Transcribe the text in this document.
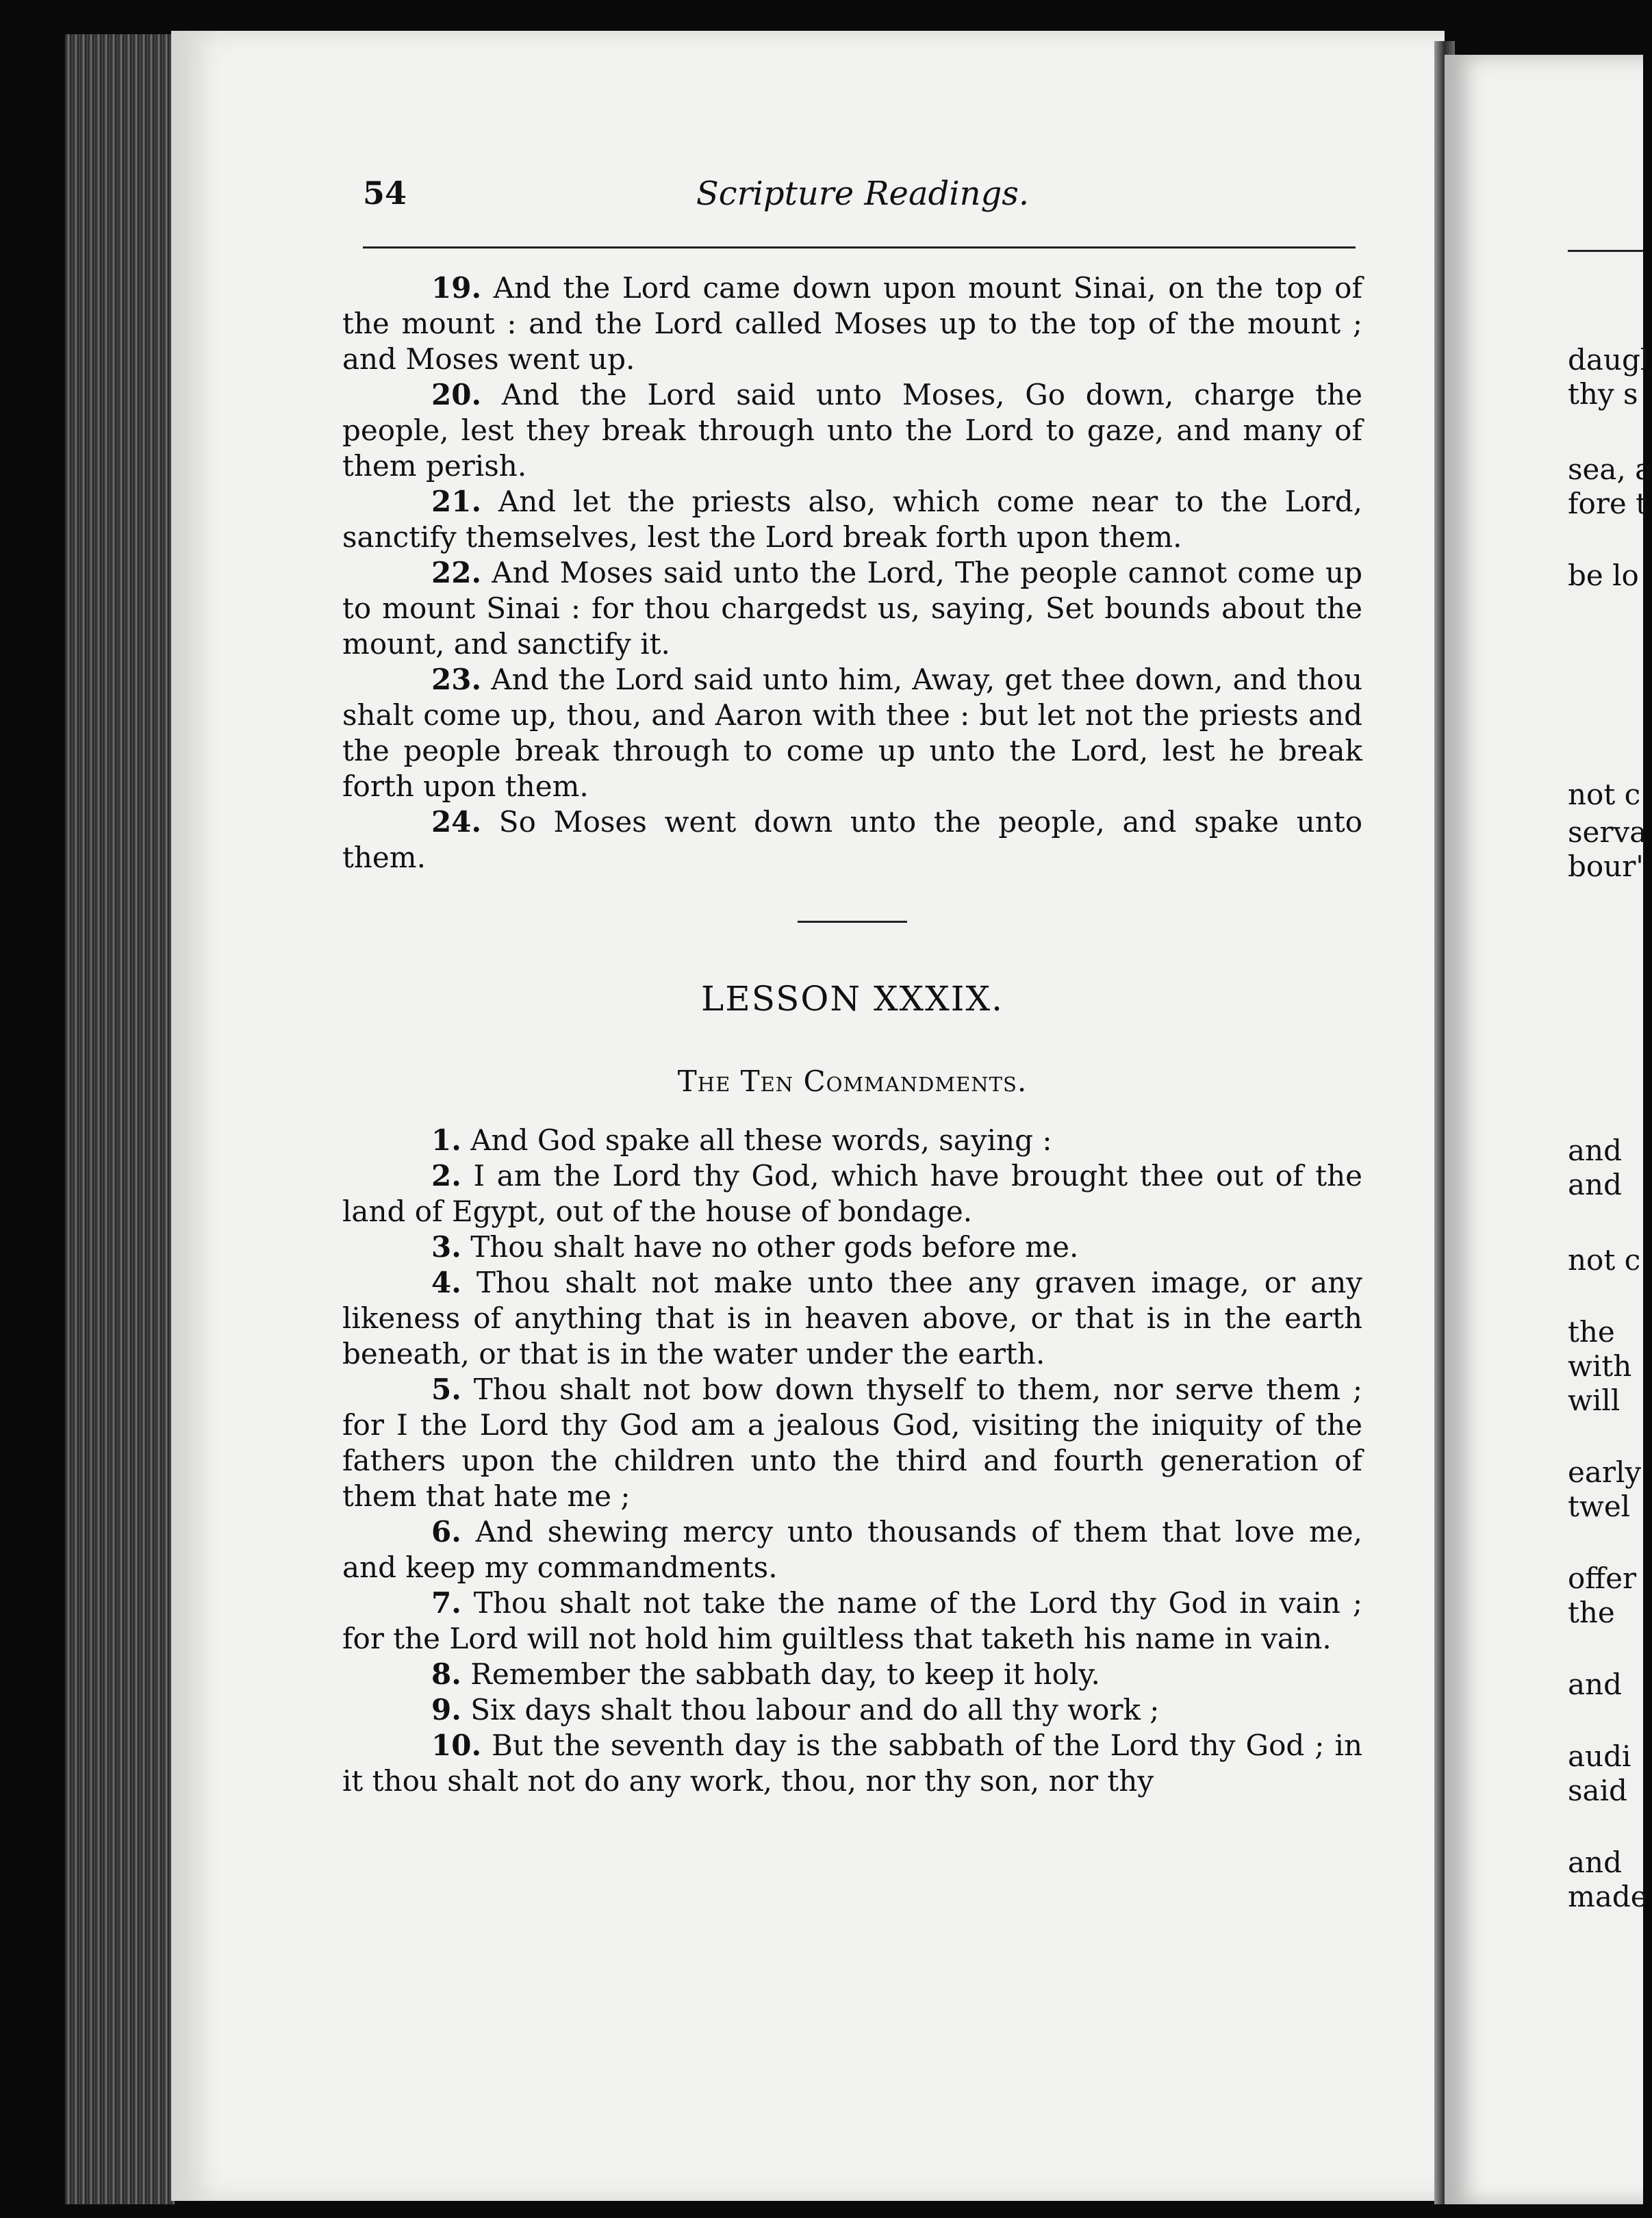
daugl
thy s
sea, a
fore t
be lo
not c
serva
bour'
and
and
not c
the
with
will
early
twel
offer
the
and
audi
said
and
made
54	Scripture Readings.

19. And the Lord came down upon mount Sinai, on the top of the mount : and the Lord called Moses up to the top of the mount ; and Moses went up.

20. And the Lord said unto Moses, Go down, charge the people, lest they break through unto the Lord to gaze, and many of them perish.

21. And let the priests also, which come near to the Lord, sanctify themselves, lest the Lord break forth upon them.

22. And Moses said unto the Lord, The people cannot come up to mount Sinai : for thou chargedst us, saying, Set bounds about the mount, and sanctify it.

23. And the Lord said unto him, Away, get thee down, and thou shalt come up, thou, and Aaron with thee : but let not the priests and the people break through to come up unto the Lord, lest he break forth upon them.

24. So Moses went down unto the people, and spake unto them.

LESSON XXXIX.
The Ten Commandments.

1. And God spake all these words, saying :

2. I am the Lord thy God, which have brought thee out of the land of Egypt, out of the house of bondage.

3. Thou shalt have no other gods before me.

4. Thou shalt not make unto thee any graven image, or any likeness of anything that is in heaven above, or that is in the earth beneath, or that is in the water under the earth.

5. Thou shalt not bow down thyself to them, nor serve them ; for I the Lord thy God am a jealous God, visiting the iniquity of the fathers upon the children unto the third and fourth generation of them that hate me ;

6. And shewing mercy unto thousands of them that love me, and keep my commandments.

7. Thou shalt not take the name of the Lord thy God in vain ; for the Lord will not hold him guiltless that taketh his name in vain.

8. Remember the sabbath day, to keep it holy.

9. Six days shalt thou labour and do all thy work ;

10. But the seventh day is the sabbath of the Lord thy God ; in it thou shalt not do any work, thou, nor thy son, nor thy
